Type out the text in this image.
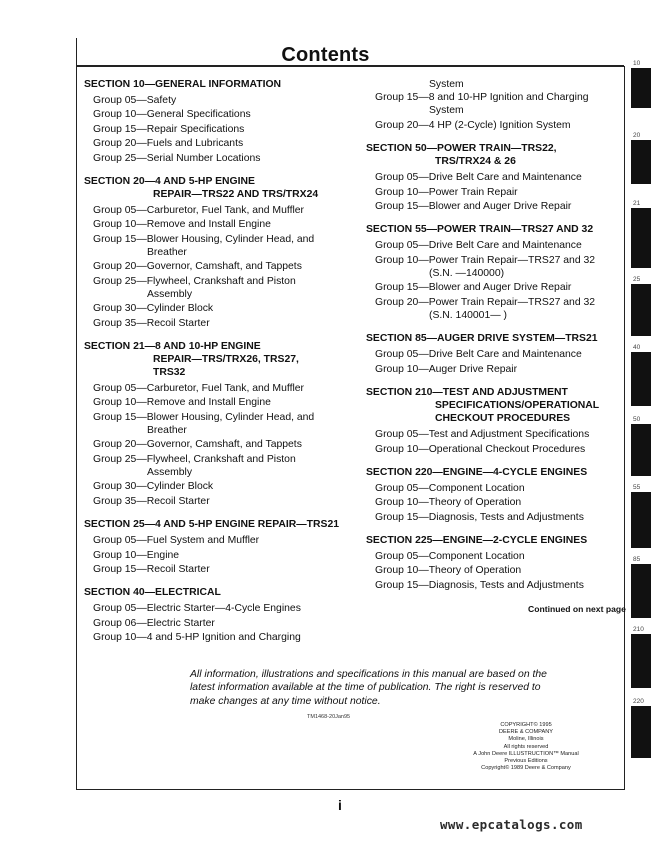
Contents
SECTION 10—GENERAL INFORMATION
Group 05—Safety
Group 10—General Specifications
Group 15—Repair Specifications
Group 20—Fuels and Lubricants
Group 25—Serial Number Locations
SECTION 20—4 AND 5-HP ENGINE
REPAIR—TRS22 AND TRS/TRX24
Group 05—Carburetor, Fuel Tank, and Muffler
Group 10—Remove and Install Engine
Group 15—Blower Housing, Cylinder Head, and
Breather
Group 20—Governor, Camshaft, and Tappets
Group 25—Flywheel, Crankshaft and Piston
Assembly
Group 30—Cylinder Block
Group 35—Recoil Starter
SECTION 21—8 AND 10-HP ENGINE
REPAIR—TRS/TRX26, TRS27,
TRS32
Group 05—Carburetor, Fuel Tank, and Muffler
Group 10—Remove and Install Engine
Group 15—Blower Housing, Cylinder Head, and
Breather
Group 20—Governor, Camshaft, and Tappets
Group 25—Flywheel, Crankshaft and Piston
Assembly
Group 30—Cylinder Block
Group 35—Recoil Starter
SECTION 25—4 AND 5-HP ENGINE REPAIR—TRS21
Group 05—Fuel System and Muffler
Group 10—Engine
Group 15—Recoil Starter
SECTION 40—ELECTRICAL
Group 05—Electric Starter—4-Cycle Engines
Group 06—Electric Starter
Group 10—4 and 5-HP Ignition and Charging
System
Group 15—8 and 10-HP Ignition and Charging
System
Group 20—4 HP (2-Cycle) Ignition System
SECTION 50—POWER TRAIN—TRS22,
TRS/TRX24 & 26
Group 05—Drive Belt Care and Maintenance
Group 10—Power Train Repair
Group 15—Blower and Auger Drive Repair
SECTION 55—POWER TRAIN—TRS27 AND 32
Group 05—Drive Belt Care and Maintenance
Group 10—Power Train Repair—TRS27 and 32
(S.N. —140000)
Group 15—Blower and Auger Drive Repair
Group 20—Power Train Repair—TRS27 and 32
(S.N. 140001— )
SECTION 85—AUGER DRIVE SYSTEM—TRS21
Group 05—Drive Belt Care and Maintenance
Group 10—Auger Drive Repair
SECTION 210—TEST AND ADJUSTMENT
SPECIFICATIONS/OPERATIONAL
CHECKOUT PROCEDURES
Group 05—Test and Adjustment Specifications
Group 10—Operational Checkout Procedures
SECTION 220—ENGINE—4-CYCLE ENGINES
Group 05—Component Location
Group 10—Theory of Operation
Group 15—Diagnosis, Tests and Adjustments
SECTION 225—ENGINE—2-CYCLE ENGINES
Group 05—Component Location
Group 10—Theory of Operation
Group 15—Diagnosis, Tests and Adjustments
Continued on next page
10
20
21
25
40
50
55
85
210
220
All information, illustrations and specifications in this manual are based on the latest information available at the time of publication. The right is reserved to make changes at any time without notice.
TM1468-20Jan95
COPYRIGHT© 1995
DEERE & COMPANY
Moline, Illinois
All rights reserved
A John Deere ILLUSTRUCTION™ Manual
Previous Editions
Copyright© 1989 Deere & Company
i
www.epcatalogs.com
